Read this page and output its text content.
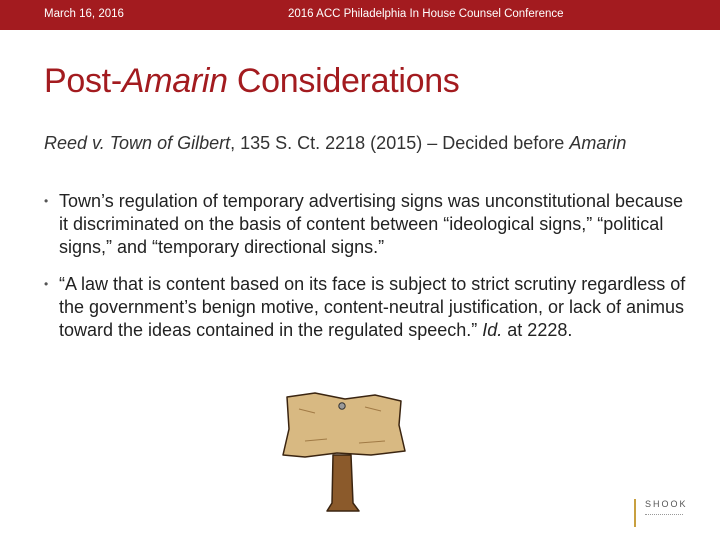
March 16, 2016	2016 ACC Philadelphia In House Counsel Conference
Post-Amarin Considerations
Reed v. Town of Gilbert, 135 S. Ct. 2218 (2015) – Decided before Amarin
• Town’s regulation of temporary advertising signs was unconstitutional because it discriminated on the basis of content between “ideological signs,” “political signs,” and “temporary directional signs.”
• “A law that is content based on its face is subject to strict scrutiny regardless of the government’s benign motive, content-neutral justification, or lack of animus toward the ideas contained in the regulated speech.” Id. at 2228.
SHOOK
